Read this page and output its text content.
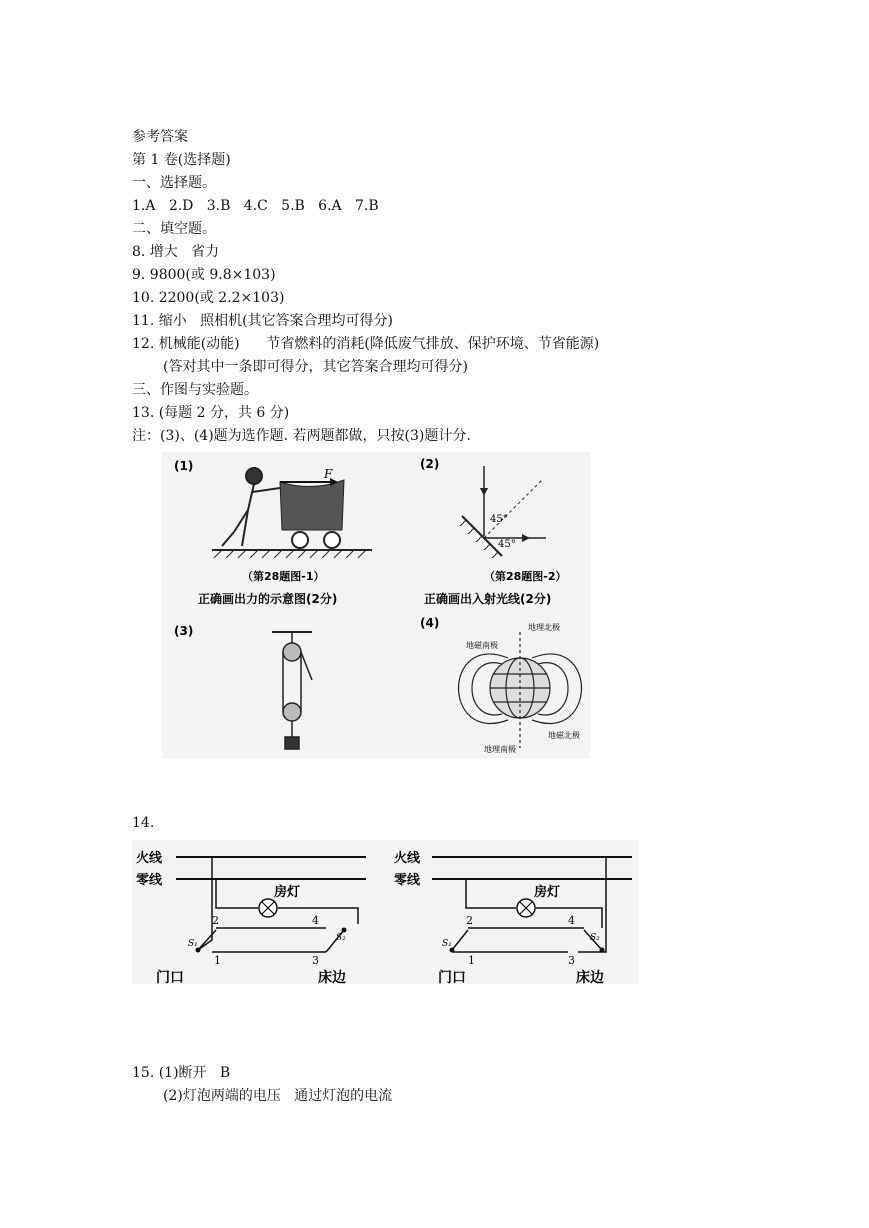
参考答案
第 1 卷(选择题)
一、选择题。
1.A   2.D   3.B   4.C   5.B   6.A   7.B
二、填空题。
8. 增大   省力
9. 9800(或 9.8×103)
10. 2200(或 2.2×103)
11. 缩小   照相机(其它答案合理均可得分)
12. 机械能(动能)      节省燃料的消耗(降低废气排放、保护环境、节省能源)
(答对其中一条即可得分，其它答案合理均可得分)
三、作图与实验题。
13. (每题 2 分，共 6 分)
注：(3)、(4)题为选作题. 若两题都做，只按(3)题计分.
(1)
F
（第28题图-1）
正确画出力的示意图(2分)
(2)
45°
45°
（第28题图-2）
正确画出入射光线(2分)
(3)
(4)	地理北极
地磁南极
地磁北极
地理南极
14.
火线
零线
房灯
2
1
4
3
S₁
S₂
门口	床边
火线
零线
房灯
2
1
4
3
S₁
S₂
门口	床边
15. (1)断开   B
(2)灯泡两端的电压   通过灯泡的电流
